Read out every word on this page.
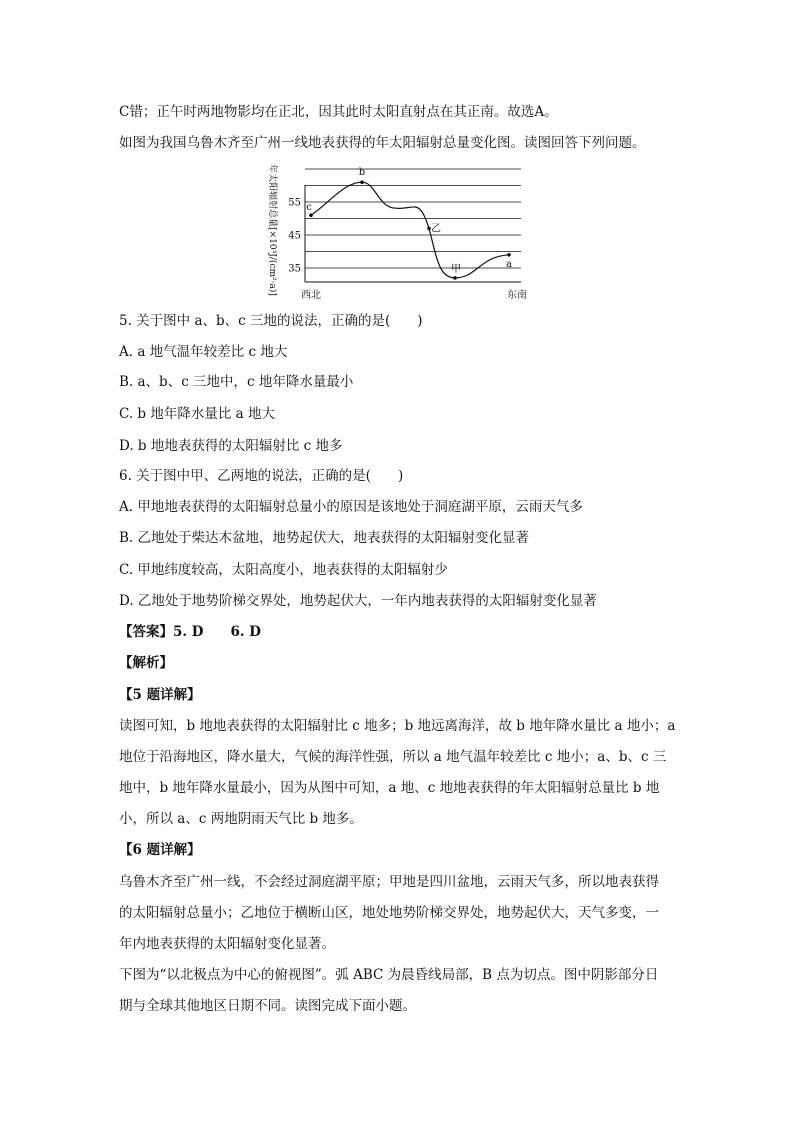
C错；正午时两地物影均在正北，因其此时太阳直射点在其正南。故选A。
如图为我国乌鲁木齐至广州一线地表获得的年太阳辐射总量变化图。读图回答下列问题。
35
45
55
年太阳辐射总量[×10³J/(cm²·a)] 西北	东南
c
b
乙
甲	a
5. 关于图中 a、b、c 三地的说法，正确的是(　　)
A. a 地气温年较差比 c 地大
B. a、b、c 三地中，c 地年降水量最小
C. b 地年降水量比 a 地大
D. b 地地表获得的太阳辐射比 c 地多
6. 关于图中甲、乙两地的说法，正确的是(　　)
A. 甲地地表获得的太阳辐射总量小的原因是该地处于洞庭湖平原，云雨天气多
B. 乙地处于柴达木盆地，地势起伏大，地表获得的太阳辐射变化显著
C. 甲地纬度较高，太阳高度小，地表获得的太阳辐射少
D. 乙地处于地势阶梯交界处，地势起伏大，一年内地表获得的太阳辐射变化显著
【答案】5. D　　6. D
【解析】
【5 题详解】
读图可知，b 地地表获得的太阳辐射比 c 地多；b 地远离海洋，故 b 地年降水量比 a 地小；a
地位于沿海地区，降水量大，气候的海洋性强，所以 a 地气温年较差比 c 地小；a、b、c 三
地中，b 地年降水量最小，因为从图中可知，a 地、c 地地表获得的年太阳辐射总量比 b 地
小，所以 a、c 两地阴雨天气比 b 地多。
【6 题详解】
乌鲁木齐至广州一线，不会经过洞庭湖平原；甲地是四川盆地，云雨天气多，所以地表获得
的太阳辐射总量小；乙地位于横断山区，地处地势阶梯交界处，地势起伏大，天气多变，一
年内地表获得的太阳辐射变化显著。
下图为“以北极点为中心的俯视图”。弧 ABC 为晨昏线局部，B 点为切点。图中阴影部分日
期与全球其他地区日期不同。读图完成下面小题。
